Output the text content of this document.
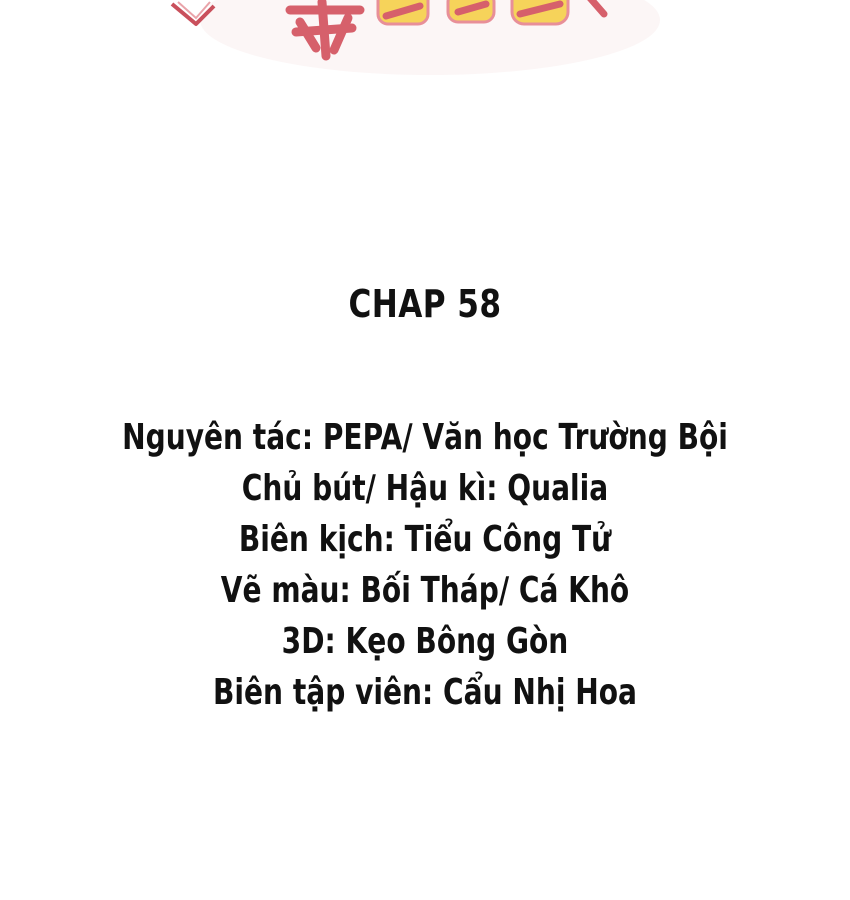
CHAP 58
Nguyên tác: PEPA/ Văn học Trường Bội
Chủ bút/ Hậu kì: Qualia
Biên kịch: Tiểu Công Tử
Vẽ màu: Bối Tháp/ Cá Khô
3D: Kẹo Bông Gòn
Biên tập viên: Cẩu Nhị Hoa
